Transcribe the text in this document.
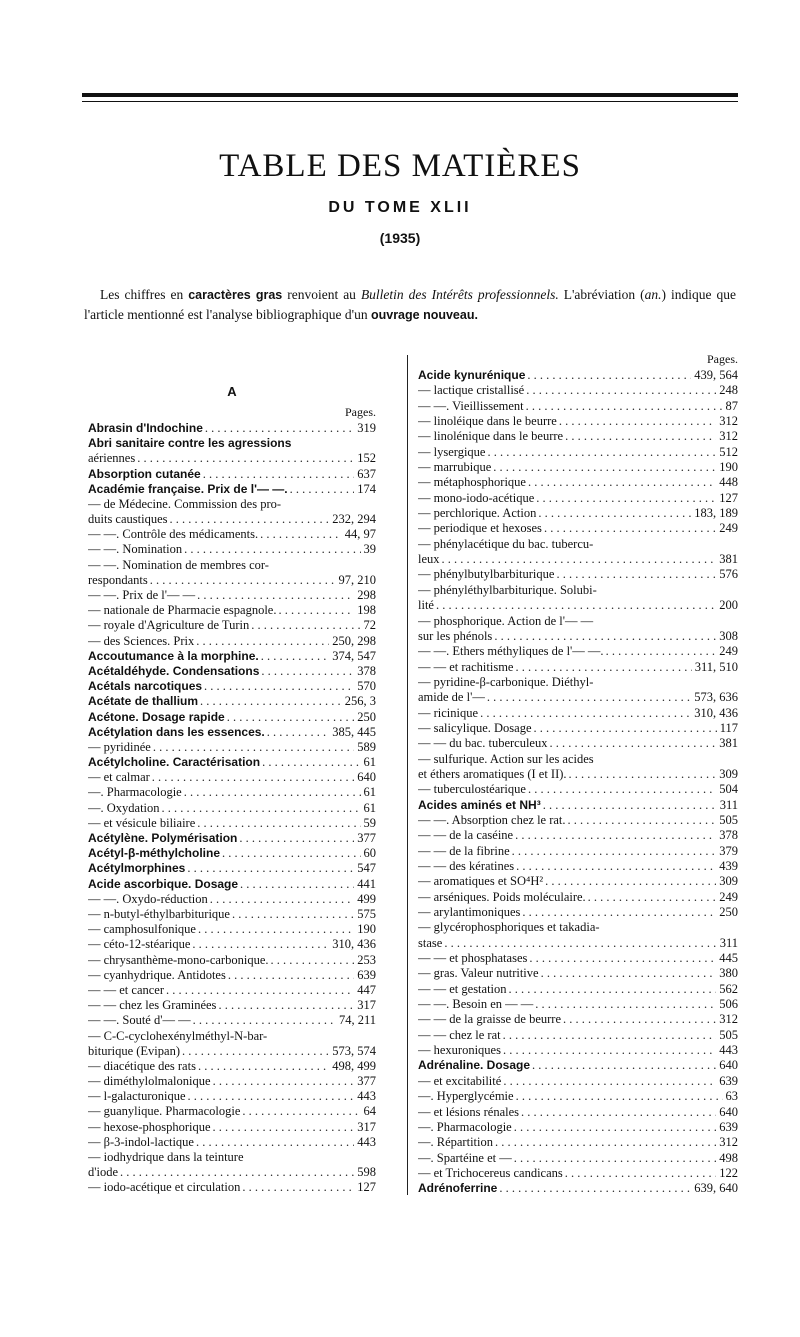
TABLE DES MATIÈRES
DU TOME XLII
(1935)
Les chiffres en caractères gras renvoient au Bulletin des Intérêts professionnels. L'abréviation (an.) indique que l'article mentionné est l'analyse bibliographique d'un ouvrage nouveau.
A
Pages.
Abrasin d'Indochine . . .	319
Abri sanitaire contre les agressions
aériennes . . .	152
Absorption cutanée . . .	637
Académie française. Prix de l'— —. . . .	174
— de Médecine. Commission des pro-
duits caustiques . . .	232, 294
— —. Contrôle des médicaments. . . .	44, 97
— —. Nomination . . .	39
— —. Nomination de membres cor-
respondants . . .	97, 210
— —. Prix de l'— — . . .	298
— nationale de Pharmacie espagnole. . . .	198
— royale d'Agriculture de Turin . . .	72
— des Sciences. Prix . . .	250, 298
Accoutumance à la morphine. . . .	374, 547
Acétaldéhyde. Condensations . . .	378
Acétals narcotiques . . .	570
Acétate de thallium . . .	256, 3
Acétone. Dosage rapide . . .	250
Acétylation dans les essences. . . .	385, 445
— pyridinée . . .	589
Acétylcholine. Caractérisation . . .	61
— et calmar . . .	640
—. Pharmacologie . . .	61
—. Oxydation . . .	61
— et vésicule biliaire . . .	59
Acétylène. Polymérisation . . .	377
Acétyl-β-méthylcholine . . .	60
Acétylmorphines . . .	547
Acide ascorbique. Dosage . . .	441
— —. Oxydo-réduction . . .	499
— n-butyl-éthylbarbiturique . . .	575
— camphosulfonique . . .	190
— céto-12-stéarique . . .	310, 436
— chrysanthème-mono-carbonique. . . .	253
— cyanhydrique. Antidotes . . .	639
— — et cancer . . .	447
— — chez les Graminées . . .	317
— —. Souté d'— — . . .	74, 211
— C-C-cyclohexénylméthyl-N-bar-
biturique (Evipan) . . .	573, 574
— diacétique des rats . . .	498, 499
— diméthylolmalonique . . .	377
— l-galacturonique . . .	443
— guanylique. Pharmacologie . . .	64
— hexose-phosphorique . . .	317
— β-3-indol-lactique . . .	443
— iodhydrique dans la teinture
d'iode . . .	598
— iodo-acétique et circulation . . .	127
Pages.
Acide kynurénique . . .	439, 564
— lactique cristallisé . . .	248
— —. Vieillissement . . .	87
— linoléique dans le beurre . . .	312
— linolénique dans le beurre . . .	312
— lysergique . . .	512
— marrubique . . .	190
— métaphosphorique . . .	448
— mono-iodo-acétique . . .	127
— perchlorique. Action . . .	183, 189
— periodique et hexoses . . .	249
— phénylacétique du bac. tubercu-
leux . . .	381
— phénylbutylbarbiturique . . .	576
— phényléthylbarbiturique. Solubi-
lité . . .	200
— phosphorique. Action de l'— —
sur les phénols . . .	308
— —. Ethers méthyliques de l'— —. . . .	249
— — et rachitisme . . .	311, 510
— pyridine-β-carbonique. Diéthyl-
amide de l'— . . .	573, 636
— ricinique . . .	310, 436
— salicylique. Dosage . . .	117
— — du bac. tuberculeux . . .	381
— sulfurique. Action sur les acides
et éthers aromatiques (I et II). . . .	309
— tuberculostéarique . . .	504
Acides aminés et NH³ . . .	311
— —. Absorption chez le rat. . . .	505
— — de la caséine . . .	378
— — de la fibrine . . .	379
— — des kératines . . .	439
— aromatiques et SO⁴H² . . .	309
— arséniques. Poids moléculaire. . . .	249
— arylantimoniques . . .	250
— glycérophosphoriques et takadia-
stase . . .	311
— — et phosphatases . . .	445
— gras. Valeur nutritive . . .	380
— — et gestation . . .	562
— —. Besoin en — — . . .	506
— — de la graisse de beurre . . .	312
— — chez le rat . . .	505
— hexuroniques . . .	443
Adrénaline. Dosage . . .	640
— et excitabilité . . .	639
—. Hyperglycémie . . .	63
— et lésions rénales . . .	640
—. Pharmacologie . . .	639
—. Répartition . . .	312
—. Spartéine et — . . .	498
— et Trichocereus candicans . . .	122
Adrénoferrine . . .	639, 640
